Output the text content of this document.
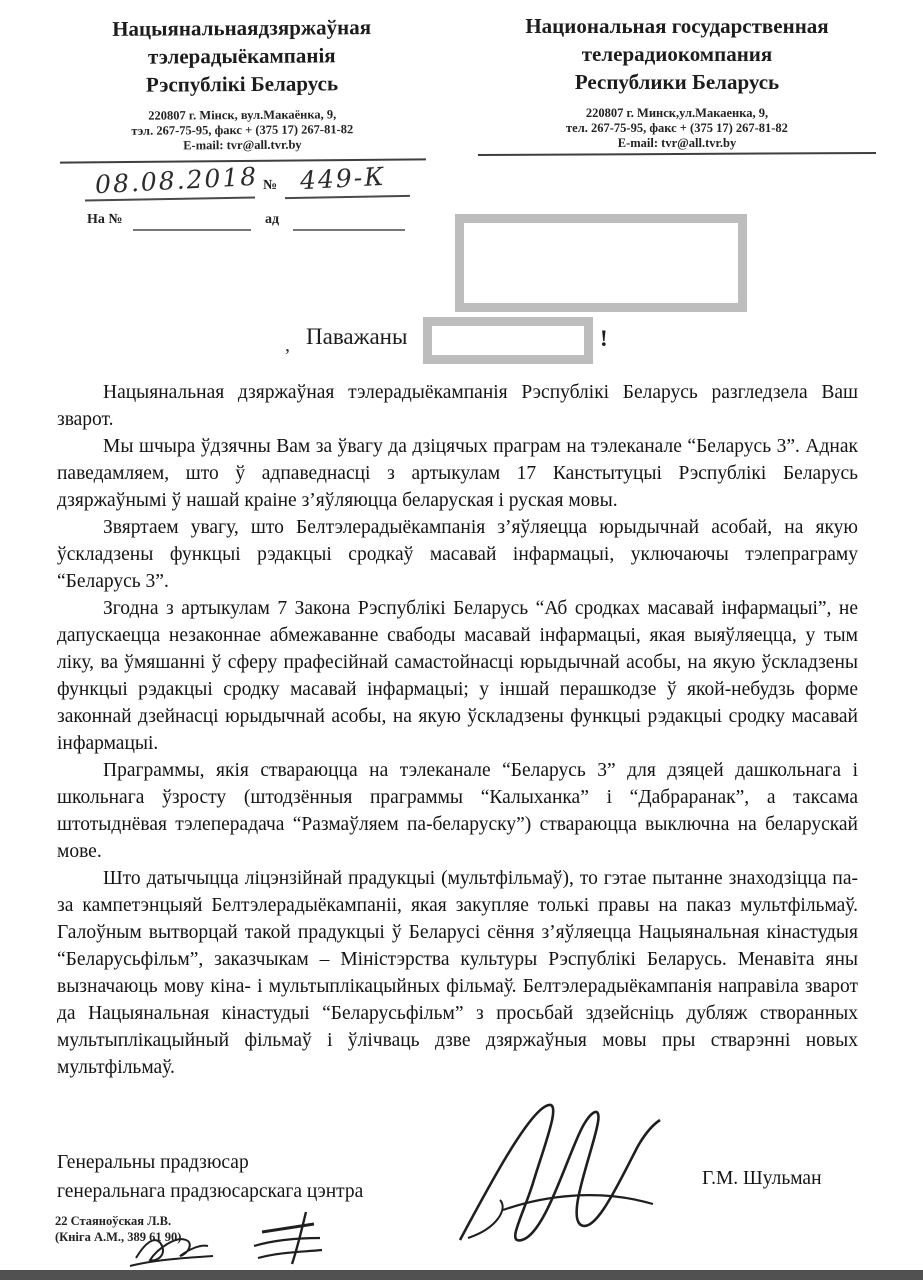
Нацыянальнаядзяржаўная
тэлерадыёкампанія
Рэспублікі Беларусь
220807 г. Мінск, вул.Макаёнка, 9,
тэл. 267-75-95, факс + (375 17) 267-81-82
E-mail: tvr@all.tvr.by
Национальная государственная
телерадиокомпания
Республики Беларусь
220807 г. Минск,ул.Макаенка, 9,
тел. 267-75-95, факс + (375 17) 267-81-82
E-mail: tvr@all.tvr.by
08.08.2018 № 449-К
На №	ад
‚ Паважаны	!

Нацыянальная дзяржаўная тэлерадыёкампанія Рэспублікі Беларусь разгледзела Ваш зварот.

Мы шчыра ўдзячны Вам за ўвагу да дзіцячых праграм на тэлеканале “Беларусь 3”. Аднак паведамляем, што ў адпаведнасці з артыкулам 17 Канстытуцыі Рэспублікі Беларусь дзяржаўнымі ў нашай краіне з’яўляюцца беларуская і руская мовы.

Звяртаем увагу, што Белтэлерадыёкампанія з’яўляецца юрыдычнай асобай, на якую ўскладзены функцыі рэдакцыі сродкаў масавай інфармацыі, уключаючы тэлепраграму “Беларусь 3”.

Згодна з артыкулам 7 Закона Рэспублікі Беларусь “Аб сродках масавай інфармацыі”, не дапускаецца незаконнае абмежаванне свабоды масавай інфармацыі, якая выяўляецца, у тым ліку, ва ўмяшанні ў сферу прафесійнай самастойнасці юрыдычнай асобы, на якую ўскладзены функцыі рэдакцыі сродку масавай інфармацыі; у іншай перашкодзе ў якой-небудзь форме законнай дзейнасці юрыдычнай асобы, на якую ўскладзены функцыі рэдакцыі сродку масавай інфармацыі.

Праграммы, якія ствараюцца на тэлеканале “Беларусь 3” для дзяцей дашкольнага і школьнага ўзросту (штодзённыя праграммы “Калыханка” і “Дабраранак”, а таксама штотыднёвая тэлеперадача “Размаўляем па-беларуску”) ствараюцца выключна на беларускай мове.

Што датычыцца ліцэнзійнай прадукцыі (мультфільмаў), то гэтае пытанне знаходзіцца па-за кампетэнцыяй Белтэлерадыёкампаніі, якая закупляе толькі правы на паказ мультфільмаў. Галоўным вытворцай такой прадукцыі ў Беларусі сёння з’яўляецца Нацыянальная кінастудыя “Беларусьфільм”, заказчыкам – Міністэрства культуры Рэспублікі Беларусь. Менавіта яны вызначаюць мову кіна- і мультыплікацыйных фільмаў. Белтэлерадыёкампанія направіла зварот да Нацыянальная кінастудыі “Беларусьфільм” з просьбай здзейсніць дубляж створанных мультыплікацыйный фільмаў і ўлічваць дзве дзяржаўныя мовы пры стварэнні новых мультфільмаў.

Генеральны прадзюсар
генеральнага прадзюсарскага цэнтра
Г.М. Шульман
22 Стаяноўская Л.В.
(Кніга А.М., 389 61 90)
